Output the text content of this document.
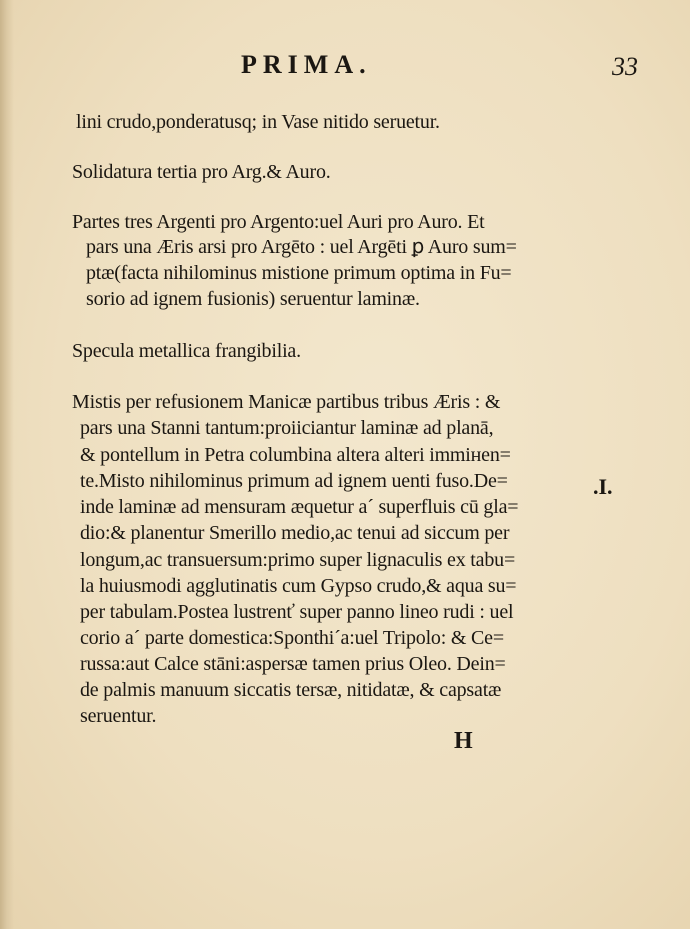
PRIMA.	33
lini crudo,ponderatusq; in Vase nitido seruetur.
Solidatura tertia pro Arg.& Auro.
Partes tres Argenti pro Argento:uel Auri pro Auro. Et
pars una Æris arsi pro Argēto : uel Argēti ꝑ Auro sum=
ptæ(facta nihilominus mistione primum optima in Fu=
sorio ad ignem fusionis) seruentur laminæ.
Specula metallica frangibilia.
Mistis per refusionem Manicæ partibus tribus Æris : &
pars una Stanni tantum:proiiciantur laminæ ad planā,
& pontellum in Petra columbina altera alteri immінen=
te.Misto nihilominus primum ad ignem uenti fuso.De=
inde laminæ ad mensuram æquetur a´ superfluis cū gla=
dio:& planentur Smerillo medio,ac tenui ad siccum per
longum,ac transuersum:primo super lignaculis ex tabu=
la huiusmodi agglutinatis cum Gypso crudo,& aqua su=
per tabulam.Postea lustrenť super panno lineo rudi : uel
corio a´ parte domestica:Sponthi´a:uel Tripolo: & Ce=
russa:aut Calce stāni:aspersæ tamen prius Oleo. Dein=
de palmis manuum siccatis tersæ, nitidatæ, & capsatæ
seruentur.
.I.
H
